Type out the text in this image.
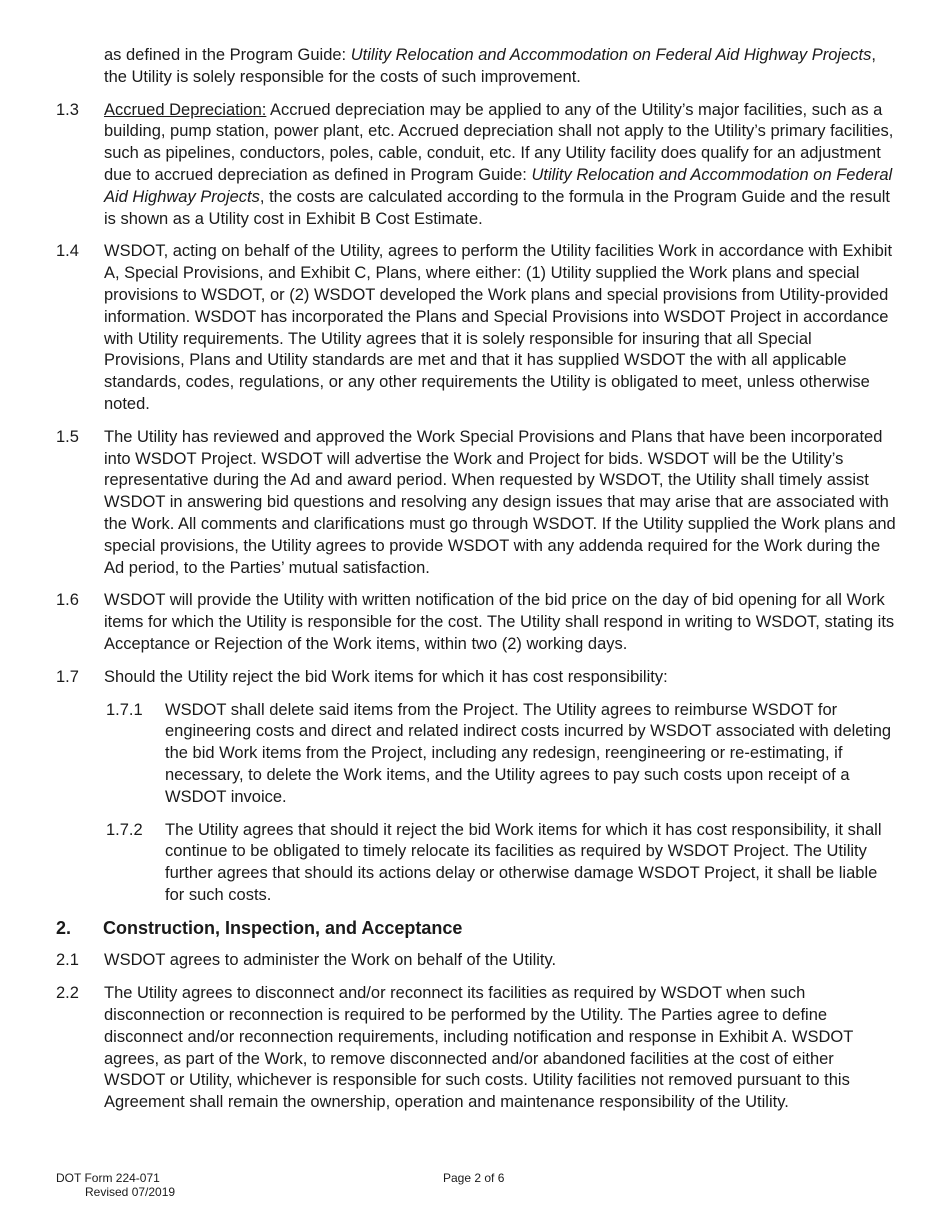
as defined in the Program Guide: Utility Relocation and Accommodation on Federal Aid Highway Projects, the Utility is solely responsible for the costs of such improvement.
1.3	Accrued Depreciation: Accrued depreciation may be applied to any of the Utility’s major facilities, such as a building, pump station, power plant, etc. Accrued depreciation shall not apply to the Utility’s primary facilities, such as pipelines, conductors, poles, cable, conduit, etc. If any Utility facility does qualify for an adjustment due to accrued depreciation as defined in Program Guide: Utility Relocation and Accommodation on Federal Aid Highway Projects, the costs are calculated according to the formula in the Program Guide and the result is shown as a Utility cost in Exhibit B Cost Estimate.
1.4	WSDOT, acting on behalf of the Utility, agrees to perform the Utility facilities Work in accordance with Exhibit A, Special Provisions, and Exhibit C, Plans, where either: (1) Utility supplied the Work plans and special provisions to WSDOT, or (2) WSDOT developed the Work plans and special provisions from Utility-provided information. WSDOT has incorporated the Plans and Special Provisions into WSDOT Project in accordance with Utility requirements. The Utility agrees that it is solely responsible for insuring that all Special Provisions, Plans and Utility standards are met and that it has supplied WSDOT the with all applicable standards, codes, regulations, or any other requirements the Utility is obligated to meet, unless otherwise noted.
1.5	The Utility has reviewed and approved the Work Special Provisions and Plans that have been incorporated into WSDOT Project. WSDOT will advertise the Work and Project for bids. WSDOT will be the Utility’s representative during the Ad and award period. When requested by WSDOT, the Utility shall timely assist WSDOT in answering bid questions and resolving any design issues that may arise that are associated with the Work. All comments and clarifications must go through WSDOT. If the Utility supplied the Work plans and special provisions, the Utility agrees to provide WSDOT with any addenda required for the Work during the Ad period, to the Parties’ mutual satisfaction.
1.6	WSDOT will provide the Utility with written notification of the bid price on the day of bid opening for all Work items for which the Utility is responsible for the cost. The Utility shall respond in writing to WSDOT, stating its Acceptance or Rejection of the Work items, within two (2) working days.
1.7	Should the Utility reject the bid Work items for which it has cost responsibility:
1.7.1	WSDOT shall delete said items from the Project. The Utility agrees to reimburse WSDOT for engineering costs and direct and related indirect costs incurred by WSDOT associated with deleting the bid Work items from the Project, including any redesign, reengineering or re-estimating, if necessary, to delete the Work items, and the Utility agrees to pay such costs upon receipt of a WSDOT invoice.
1.7.2	The Utility agrees that should it reject the bid Work items for which it has cost responsibility, it shall continue to be obligated to timely relocate its facilities as required by WSDOT Project. The Utility further agrees that should its actions delay or otherwise damage WSDOT Project, it shall be liable for such costs.
2.	Construction, Inspection, and Acceptance
2.1	WSDOT agrees to administer the Work on behalf of the Utility.
2.2	The Utility agrees to disconnect and/or reconnect its facilities as required by WSDOT when such disconnection or reconnection is required to be performed by the Utility. The Parties agree to define disconnect and/or reconnection requirements, including notification and response in Exhibit A. WSDOT agrees, as part of the Work, to remove disconnected and/or abandoned facilities at the cost of either WSDOT or Utility, whichever is responsible for such costs. Utility facilities not removed pursuant to this Agreement shall remain the ownership, operation and maintenance responsibility of the Utility.
DOT Form 224-071
Revised 07/2019
Page 2 of 6
